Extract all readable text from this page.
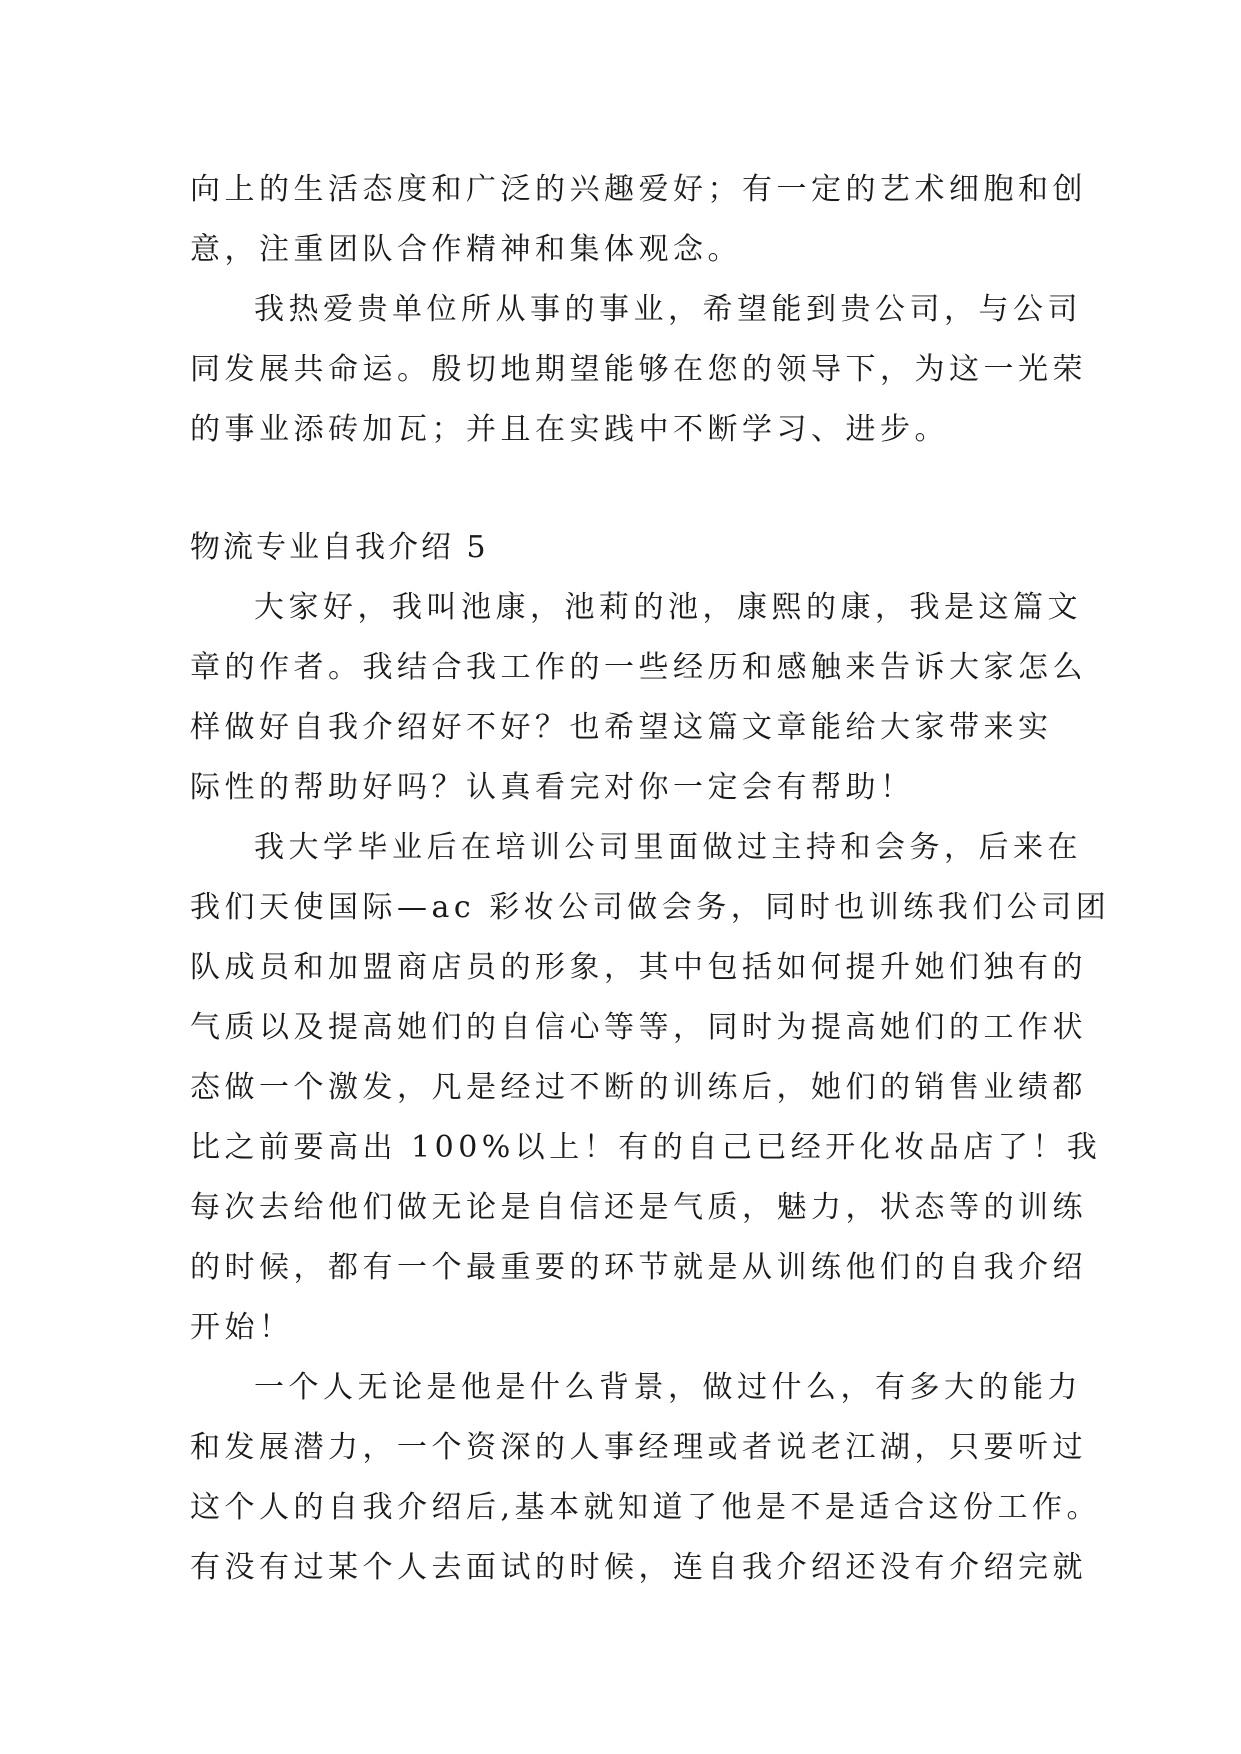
向上的生活态度和广泛的兴趣爱好；有一定的艺术细胞和创
意，注重团队合作精神和集体观念。
我热爱贵单位所从事的事业，希望能到贵公司，与公司
同发展共命运。殷切地期望能够在您的领导下，为这一光荣
的事业添砖加瓦；并且在实践中不断学习、进步。
物流专业自我介绍 5
大家好，我叫池康，池莉的池，康熙的康，我是这篇文
章的作者。我结合我工作的一些经历和感触来告诉大家怎么
样做好自我介绍好不好？也希望这篇文章能给大家带来实
际性的帮助好吗？认真看完对你一定会有帮助！
我大学毕业后在培训公司里面做过主持和会务，后来在
我们天使国际—ac 彩妆公司做会务，同时也训练我们公司团
队成员和加盟商店员的形象，其中包括如何提升她们独有的
气质以及提高她们的自信心等等，同时为提高她们的工作状
态做一个激发，凡是经过不断的训练后，她们的销售业绩都
比之前要高出 100%以上！有的自己已经开化妆品店了！我
每次去给他们做无论是自信还是气质，魅力，状态等的训练
的时候，都有一个最重要的环节就是从训练他们的自我介绍
开始！
一个人无论是他是什么背景，做过什么，有多大的能力
和发展潜力，一个资深的人事经理或者说老江湖，只要听过
这个人的自我介绍后,基本就知道了他是不是适合这份工作。
有没有过某个人去面试的时候，连自我介绍还没有介绍完就
